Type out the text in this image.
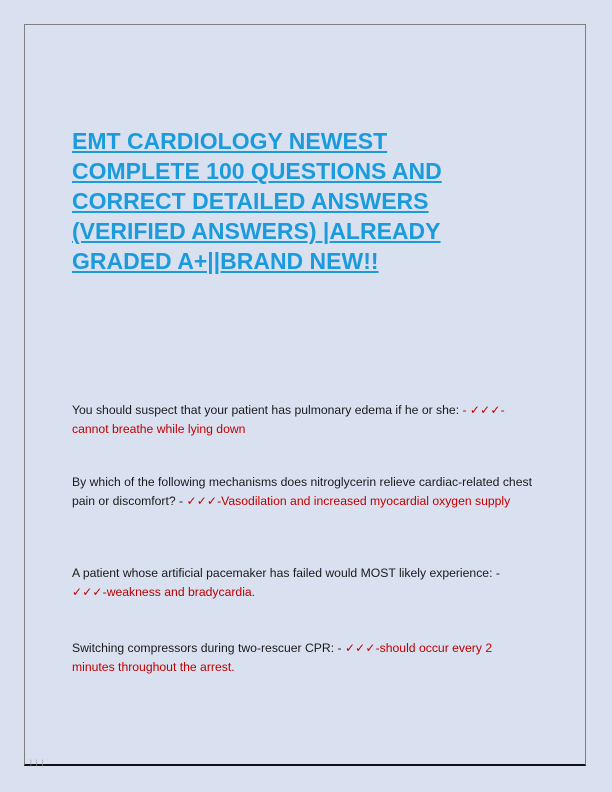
EMT CARDIOLOGY NEWEST COMPLETE 100 QUESTIONS AND CORRECT DETAILED ANSWERS (VERIFIED ANSWERS) |ALREADY GRADED A+||BRAND NEW!!

You should suspect that your patient has pulmonary edema if he or she: - ✓✓✓-cannot breathe while lying down

By which of the following mechanisms does nitroglycerin relieve cardiac-related chest pain or discomfort? - ✓✓✓-Vasodilation and increased myocardial oxygen supply

A patient whose artificial pacemaker has failed would MOST likely experience: - ✓✓✓-weakness and bradycardia.

Switching compressors during two-rescuer CPR: - ✓✓✓-should occur every 2 minutes throughout the arrest.

| | |
